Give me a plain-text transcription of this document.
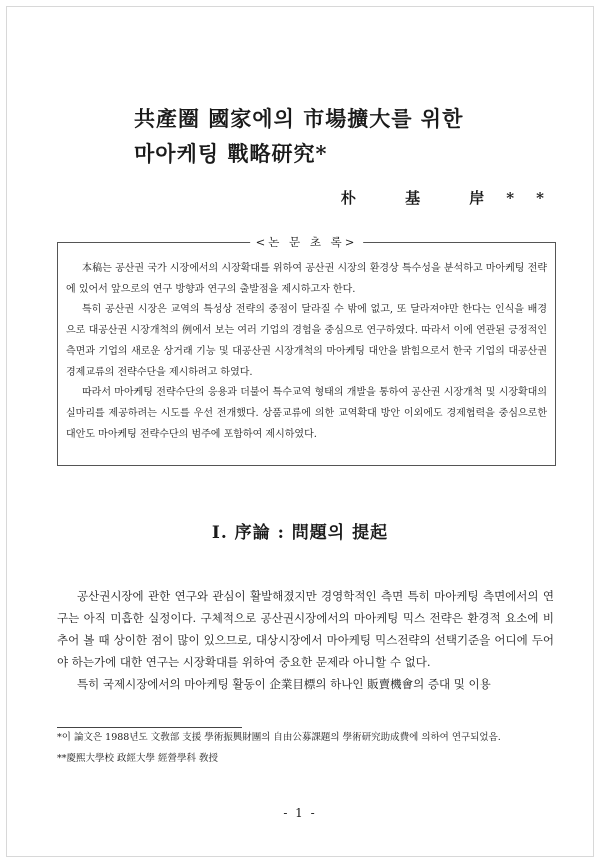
共產圈 國家에의 市場擴大를 위한
마아케팅 戰略研究*
朴 基 岸**
<논 문 초 록>

本稿는 공산권 국가 시장에서의 시장확대를 위하여 공산권 시장의 환경상 특수성을 분석하고 마아케팅 전략에 있어서 앞으로의 연구 방향과 연구의 출발점을 제시하고자 한다.

특히 공산권 시장은 교역의 특성상 전략의 중점이 달라질 수 밖에 없고, 또 달라져야만 한다는 인식을 배경으로 대공산권 시장개척의 例에서 보는 여러 기업의 경험을 중심으로 연구하였다. 따라서 이에 연관된 긍정적인 측면과 기업의 새로운 상거래 기능 및 대공산권 시장개척의 마아케팅 대안을 밝힘으로서 한국 기업의 대공산권 경제교류의 전략수단을 제시하려고 하였다.

따라서 마아케팅 전략수단의 응용과 더불어 특수교역 형태의 개발을 통하여 공산권 시장개척 및 시장확대의 실마리를 제공하려는 시도를 우선 전개했다. 상품교류에 의한 교역확대 방안 이외에도 경제협력을 중심으로한 대안도 마아케팅 전략수단의 범주에 포함하여 제시하였다.

I. 序論 : 問題의 提起

공산권시장에 관한 연구와 관심이 활발해졌지만 경영학적인 측면 특히 마아케팅 측면에서의 연구는 아직 미흡한 실정이다. 구체적으로 공산권시장에서의 마아케팅 믹스 전략은 환경적 요소에 비추어 볼 때 상이한 점이 많이 있으므로, 대상시장에서 마아케팅 믹스전략의 선택기준을 어디에 두어야 하는가에 대한 연구는 시장확대를 위하여 중요한 문제라 아니할 수 없다.

특히 국제시장에서의 마아케팅 활동이 企業目標의 하나인 販賣機會의 증대 및 이용

*이 論文은 1988년도 文敎部 支援 學術振興財團의 自由公募課題의 學術研究助成費에 의하여 연구되었음.

**慶熙大學校 政經大學 經營學科 敎授

- 1 -
